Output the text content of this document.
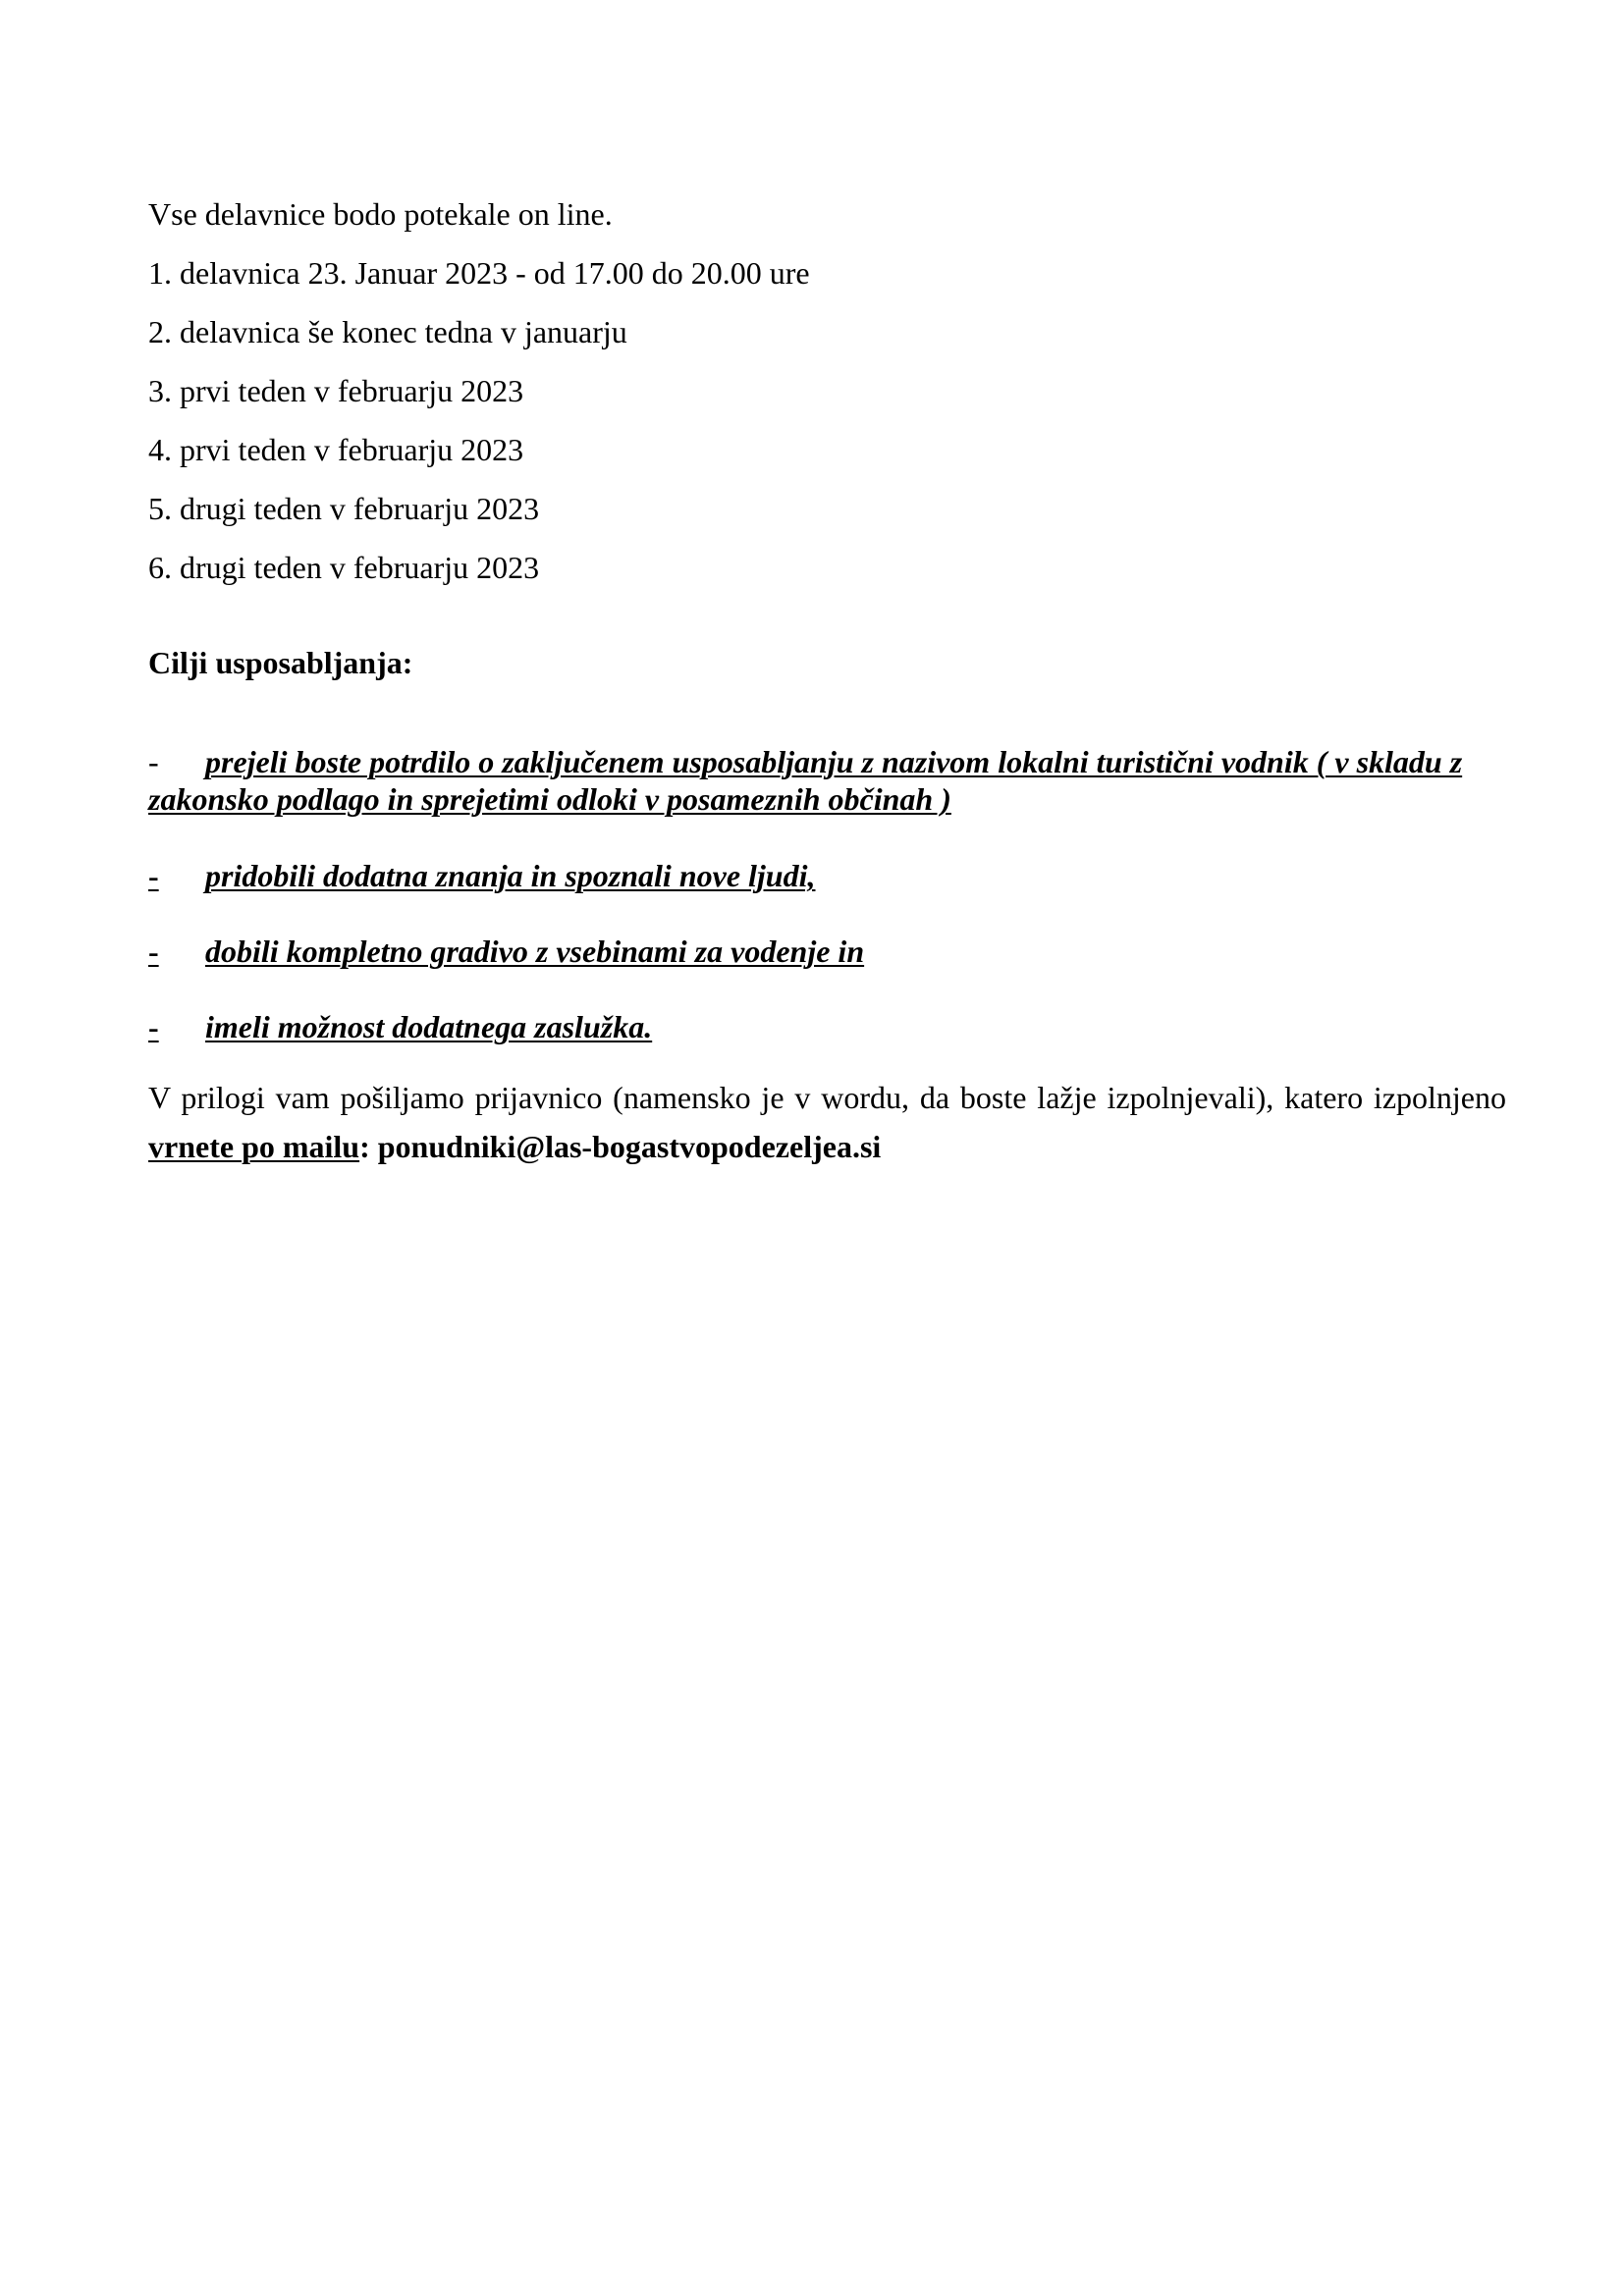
Vse delavnice bodo potekale on line.
1. delavnica 23. Januar 2023 - od 17.00 do 20.00 ure
2. delavnica še konec tedna v januarju
3. prvi teden v februarju 2023
4. prvi teden v februarju 2023
5. drugi teden v februarju 2023
6. drugi teden v februarju 2023
Cilji usposabljanja:
- prejeli boste potrdilo o zaključenem usposabljanju z nazivom lokalni turistični vodnik ( v skladu z zakonsko podlago in sprejetimi odloki v posameznih občinah )
- pridobili dodatna znanja in spoznali nove ljudi,
- dobili kompletno gradivo z vsebinami za vodenje in
- imeli možnost dodatnega zaslužka.
V prilogi vam pošiljamo prijavnico (namensko je v wordu, da boste lažje izpolnjevali), katero izpolnjeno vrnete po mailu: ponudniki@las-bogastvopodezeljea.si
